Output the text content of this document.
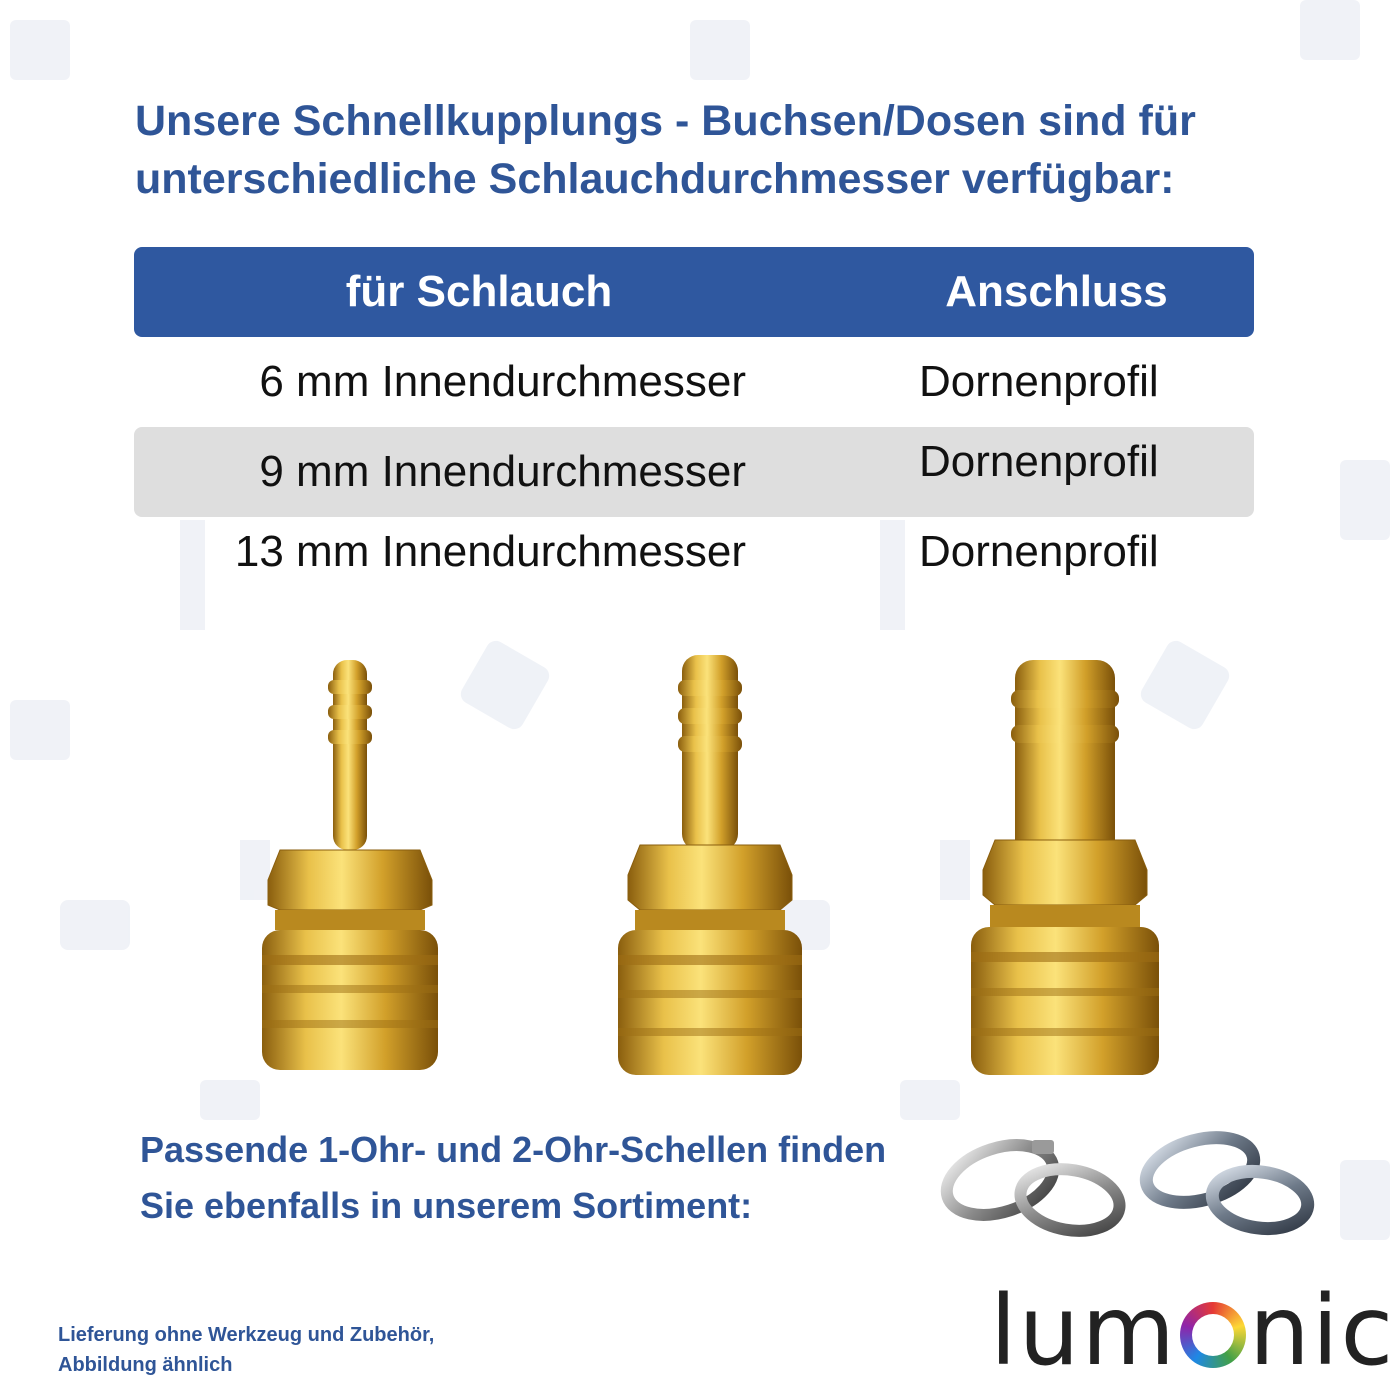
Unsere Schnellkupplungs - Buchsen/Dosen sind für
unterschiedliche Schlauchdurchmesser verfügbar:
für Schlauch	Anschluss
6 mm Innendurchmesser	Dornenprofil
9 mm Innendurchmesser	Dornenprofil
13 mm Innendurchmesser	Dornenprofil

Passende 1-Ohr- und 2-Ohr-Schellen finden
Sie ebenfalls in unserem Sortiment:

Lieferung ohne Werkzeug und Zubehör,
Abbildung ähnlich	lum nic
